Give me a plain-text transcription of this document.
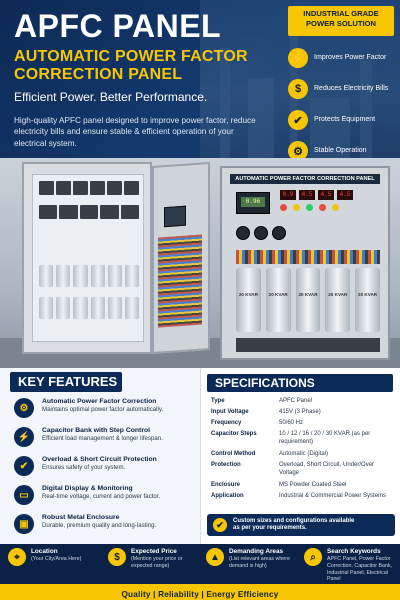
APFC PANEL
AUTOMATIC POWER FACTOR
CORRECTION PANEL
Efficient Power. Better Performance.
High-quality APFC panel designed to improve power factor, reduce electricity bills and ensure stable & efficient operation of your electrical system.
INDUSTRIAL GRADE
POWER SOLUTION
⚡	Improves Power Factor
$	Reduces Electricity Bills
✔	Protects Equipment
⚙	Stable Operation
AUTOMATIC POWER FACTOR CORRECTION PANEL
0.96
0.9	4.5	4.5	4.5
20 KVAR	20 KVAR	20 KVAR	20 KVAR	20 KVAR
KEY FEATURES
⚙
Automatic Power Factor Correction
Maintains optimal power factor automatically.
⚡
Capacitor Bank with Step Control
Efficient load management & longer lifespan.
✔
Overload & Short Circuit Protection
Ensures safety of your system.
▭
Digital Display & Monitoring
Real-time voltage, current and power factor.
▣
Robust Metal Enclosure
Durable, premium quality and long-lasting.
SPECIFICATIONS
Type	APFC Panel
Input Voltage	415V (3 Phase)
Frequency	50/60 Hz
Capacitor Steps	10 / 12 / 16 / 20 / 30 KVAR (as per requirement)
Control Method	Automatic (Digital)
Protection	Overload, Short Circuit, Under/Over Voltage
Enclosure	MS Powder Coated Steel
Application	Industrial & Commercial Power Systems
✔	Custom sizes and configurations available
as per your requirements.
⌖	Location
(Your City/Area Here)	$	Expected Price
(Mention your price or expected range)
▲	Demanding Areas
(List relevant areas where demand is high)
⌕	Search Keywords
APFC Panel, Power Factor Correction, Capacitor Bank, Industrial Panel, Electrical Panel
Quality | Reliability | Energy Efficiency
